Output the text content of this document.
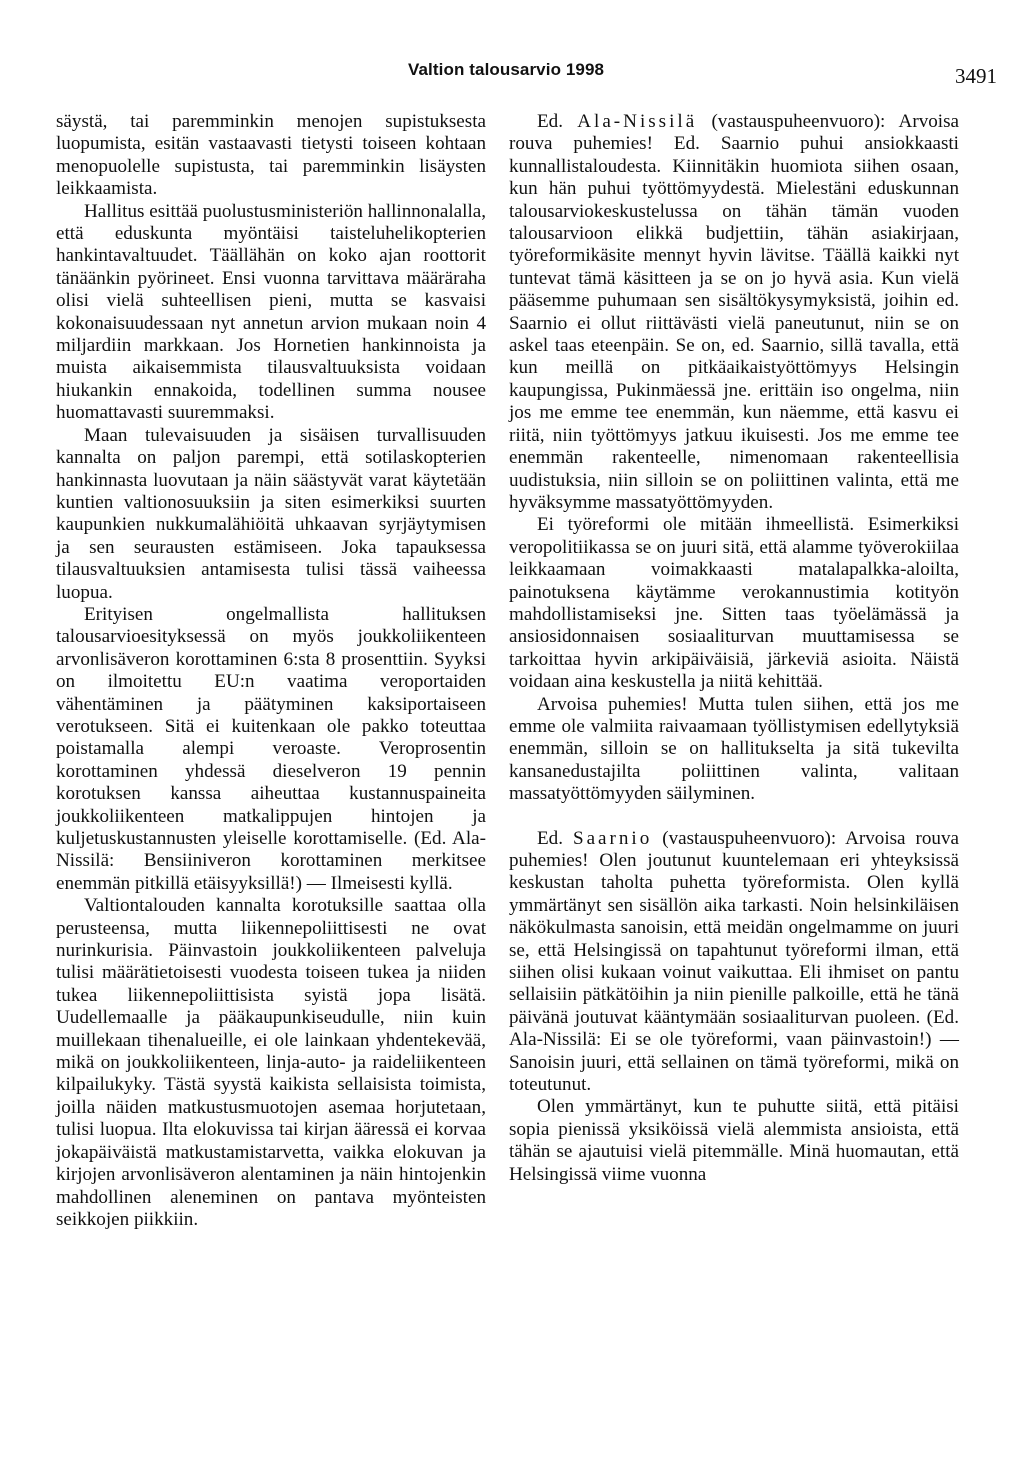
Valtion talousarvio 1998	3491

säystä, tai paremminkin menojen supistuksesta luopumista, esitän vastaavasti tietysti toiseen kohtaan menopuolelle supistusta, tai paremminkin lisäysten leikkaamista.

Hallitus esittää puolustusministeriön hallinnonalalla, että eduskunta myöntäisi taisteluhelikopterien hankintavaltuudet. Täällähän on koko ajan roottorit tänäänkin pyörineet. Ensi vuonna tarvittava määräraha olisi vielä suhteellisen pieni, mutta se kasvaisi kokonaisuudessaan nyt annetun arvion mukaan noin 4 miljardiin markkaan. Jos Hornetien hankinnoista ja muista aikaisemmista tilausvaltuuksista voidaan hiukankin ennakoida, todellinen summa nousee huomattavasti suuremmaksi.

Maan tulevaisuuden ja sisäisen turvallisuuden kannalta on paljon parempi, että sotilaskopterien hankinnasta luovutaan ja näin säästyvät varat käytetään kuntien valtionosuuksiin ja siten esimerkiksi suurten kaupunkien nukkumalähiöitä uhkaavan syrjäytymisen ja sen seurausten estämiseen. Joka tapauksessa tilausvaltuuksien antamisesta tulisi tässä vaiheessa luopua.

Erityisen ongelmallista hallituksen talousarvioesityksessä on myös joukkoliikenteen arvonlisäveron korottaminen 6:sta 8 prosenttiin. Syyksi on ilmoitettu EU:n vaatima veroportaiden vähentäminen ja päätyminen kaksiportaiseen verotukseen. Sitä ei kuitenkaan ole pakko toteuttaa poistamalla alempi veroaste. Veroprosentin korottaminen yhdessä dieselveron 19 pennin korotuksen kanssa aiheuttaa kustannuspaineita joukkoliikenteen matkalippujen hintojen ja kuljetuskustannusten yleiselle korottamiselle. (Ed. Ala-Nissilä: Bensiiniveron korottaminen merkitsee enemmän pitkillä etäisyyksillä!) — Ilmeisesti kyllä.

Valtiontalouden kannalta korotuksille saattaa olla perusteensa, mutta liikennepoliittisesti ne ovat nurinkurisia. Päinvastoin joukkoliikenteen palveluja tulisi määrätietoisesti vuodesta toiseen tukea ja niiden tukea liikennepoliittisista syistä jopa lisätä. Uudellemaalle ja pääkaupunkiseudulle, niin kuin muillekaan tihenalueille, ei ole lainkaan yhdentekevää, mikä on joukkoliikenteen, linja-auto- ja raideliikenteen kilpailukyky. Tästä syystä kaikista sellaisista toimista, joilla näiden matkustusmuotojen asemaa horjutetaan, tulisi luopua. Ilta elokuvissa tai kirjan ääressä ei korvaa jokapäiväistä matkustamistarvetta, vaikka elokuvan ja kirjojen arvonlisäveron alentaminen ja näin hintojenkin mahdollinen aleneminen on pantava myönteisten seikkojen piikkiin.

Ed. Ala-Nissilä (vastauspuheenvuoro): Arvoisa rouva puhemies! Ed. Saarnio puhui ansiokkaasti kunnallistaloudesta. Kiinnitäkin huomiota siihen osaan, kun hän puhui työttömyydestä. Mielestäni eduskunnan talousarviokeskustelussa on tähän tämän vuoden talousarvioon elikkä budjettiin, tähän asiakirjaan, työreformikäsite mennyt hyvin lävitse. Täällä kaikki nyt tuntevat tämä käsitteen ja se on jo hyvä asia. Kun vielä pääsemme puhumaan sen sisältökysymyksistä, joihin ed. Saarnio ei ollut riittävästi vielä paneutunut, niin se on askel taas eteenpäin. Se on, ed. Saarnio, sillä tavalla, että kun meillä on pitkäaikaistyöttömyys Helsingin kaupungissa, Pukinmäessä jne. erittäin iso ongelma, niin jos me emme tee enemmän, kun näemme, että kasvu ei riitä, niin työttömyys jatkuu ikuisesti. Jos me emme tee enemmän rakenteelle, nimenomaan rakenteellisia uudistuksia, niin silloin se on poliittinen valinta, että me hyväksymme massatyöttömyyden.

Ei työreformi ole mitään ihmeellistä. Esimerkiksi veropolitiikassa se on juuri sitä, että alamme työverokiilaa leikkaamaan voimakkaasti matalapalkka-aloilta, painotuksena käytämme verokannustimia kotityön mahdollistamiseksi jne. Sitten taas työelämässä ja ansiosidonnaisen sosiaaliturvan muuttamisessa se tarkoittaa hyvin arkipäiväisiä, järkeviä asioita. Näistä voidaan aina keskustella ja niitä kehittää.

Arvoisa puhemies! Mutta tulen siihen, että jos me emme ole valmiita raivaamaan työllistymisen edellytyksiä enemmän, silloin se on hallitukselta ja sitä tukevilta kansanedustajilta poliittinen valinta, valitaan massatyöttömyyden säilyminen.

Ed. Saarnio (vastauspuheenvuoro): Arvoisa rouva puhemies! Olen joutunut kuuntelemaan eri yhteyksissä keskustan taholta puhetta työreformista. Olen kyllä ymmärtänyt sen sisällön aika tarkasti. Noin helsinkiläisen näkökulmasta sanoisin, että meidän ongelmamme on juuri se, että Helsingissä on tapahtunut työreformi ilman, että siihen olisi kukaan voinut vaikuttaa. Eli ihmiset on pantu sellaisiin pätkätöihin ja niin pienille palkoille, että he tänä päivänä joutuvat kääntymään sosiaaliturvan puoleen. (Ed. Ala-Nissilä: Ei se ole työreformi, vaan päinvastoin!) — Sanoisin juuri, että sellainen on tämä työreformi, mikä on toteutunut.

Olen ymmärtänyt, kun te puhutte siitä, että pitäisi sopia pienissä yksiköissä vielä alemmista ansioista, että tähän se ajautuisi vielä pitemmälle. Minä huomautan, että Helsingissä viime vuonna
